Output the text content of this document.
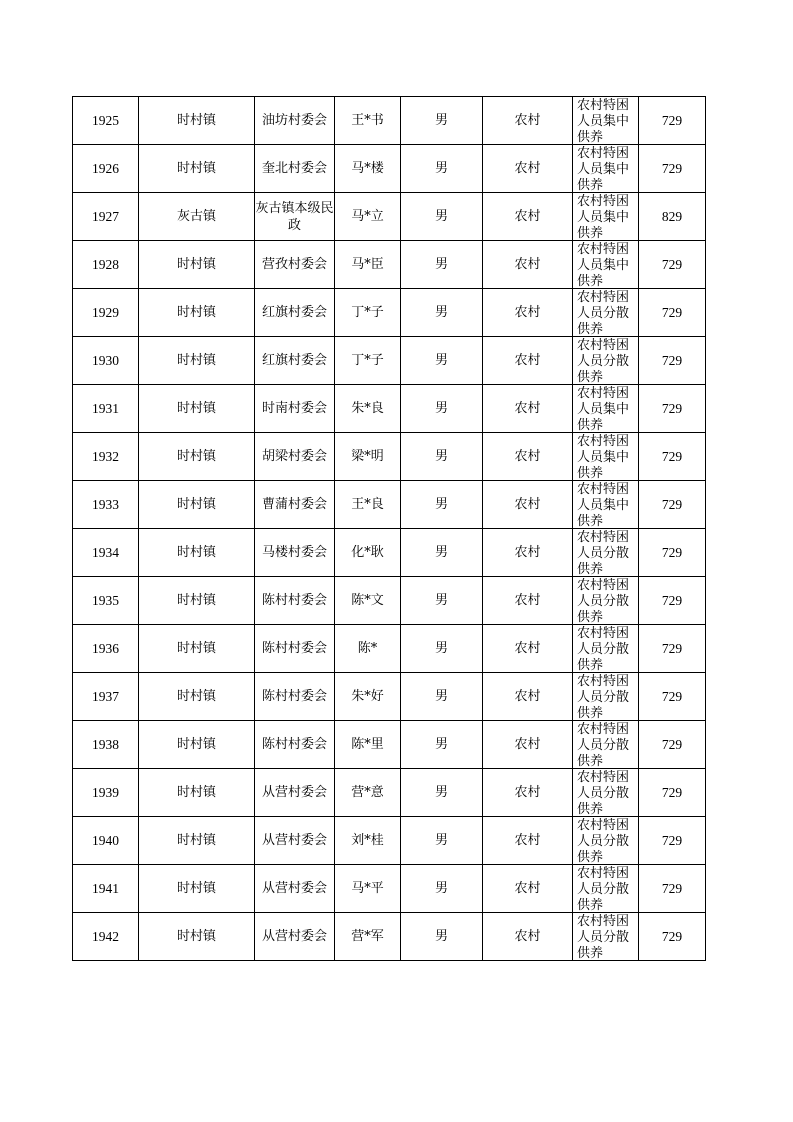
1925	时村镇	油坊村委会	王*书	男	农村	农村特困人员集中供养	729
1926	时村镇	奎北村委会	马*楼	男	农村	农村特困人员集中供养	729
1927	灰古镇	灰古镇本级民政	马*立	男	农村	农村特困人员集中供养	829
1928	时村镇	营孜村委会	马*臣	男	农村	农村特困人员集中供养	729
1929	时村镇	红旗村委会	丁*子	男	农村	农村特困人员分散供养	729
1930	时村镇	红旗村委会	丁*子	男	农村	农村特困人员分散供养	729
1931	时村镇	时南村委会	朱*良	男	农村	农村特困人员集中供养	729
1932	时村镇	胡梁村委会	梁*明	男	农村	农村特困人员集中供养	729
1933	时村镇	曹蒲村委会	王*良	男	农村	农村特困人员集中供养	729
1934	时村镇	马楼村委会	化*耿	男	农村	农村特困人员分散供养	729
1935	时村镇	陈村村委会	陈*文	男	农村	农村特困人员分散供养	729
1936	时村镇	陈村村委会	陈*	男	农村	农村特困人员分散供养	729
1937	时村镇	陈村村委会	朱*好	男	农村	农村特困人员分散供养	729
1938	时村镇	陈村村委会	陈*里	男	农村	农村特困人员分散供养	729
1939	时村镇	从营村委会	营*意	男	农村	农村特困人员分散供养	729
1940	时村镇	从营村委会	刘*桂	男	农村	农村特困人员分散供养	729
1941	时村镇	从营村委会	马*平	男	农村	农村特困人员分散供养	729
1942	时村镇	从营村委会	营*军	男	农村	农村特困人员分散供养	729
